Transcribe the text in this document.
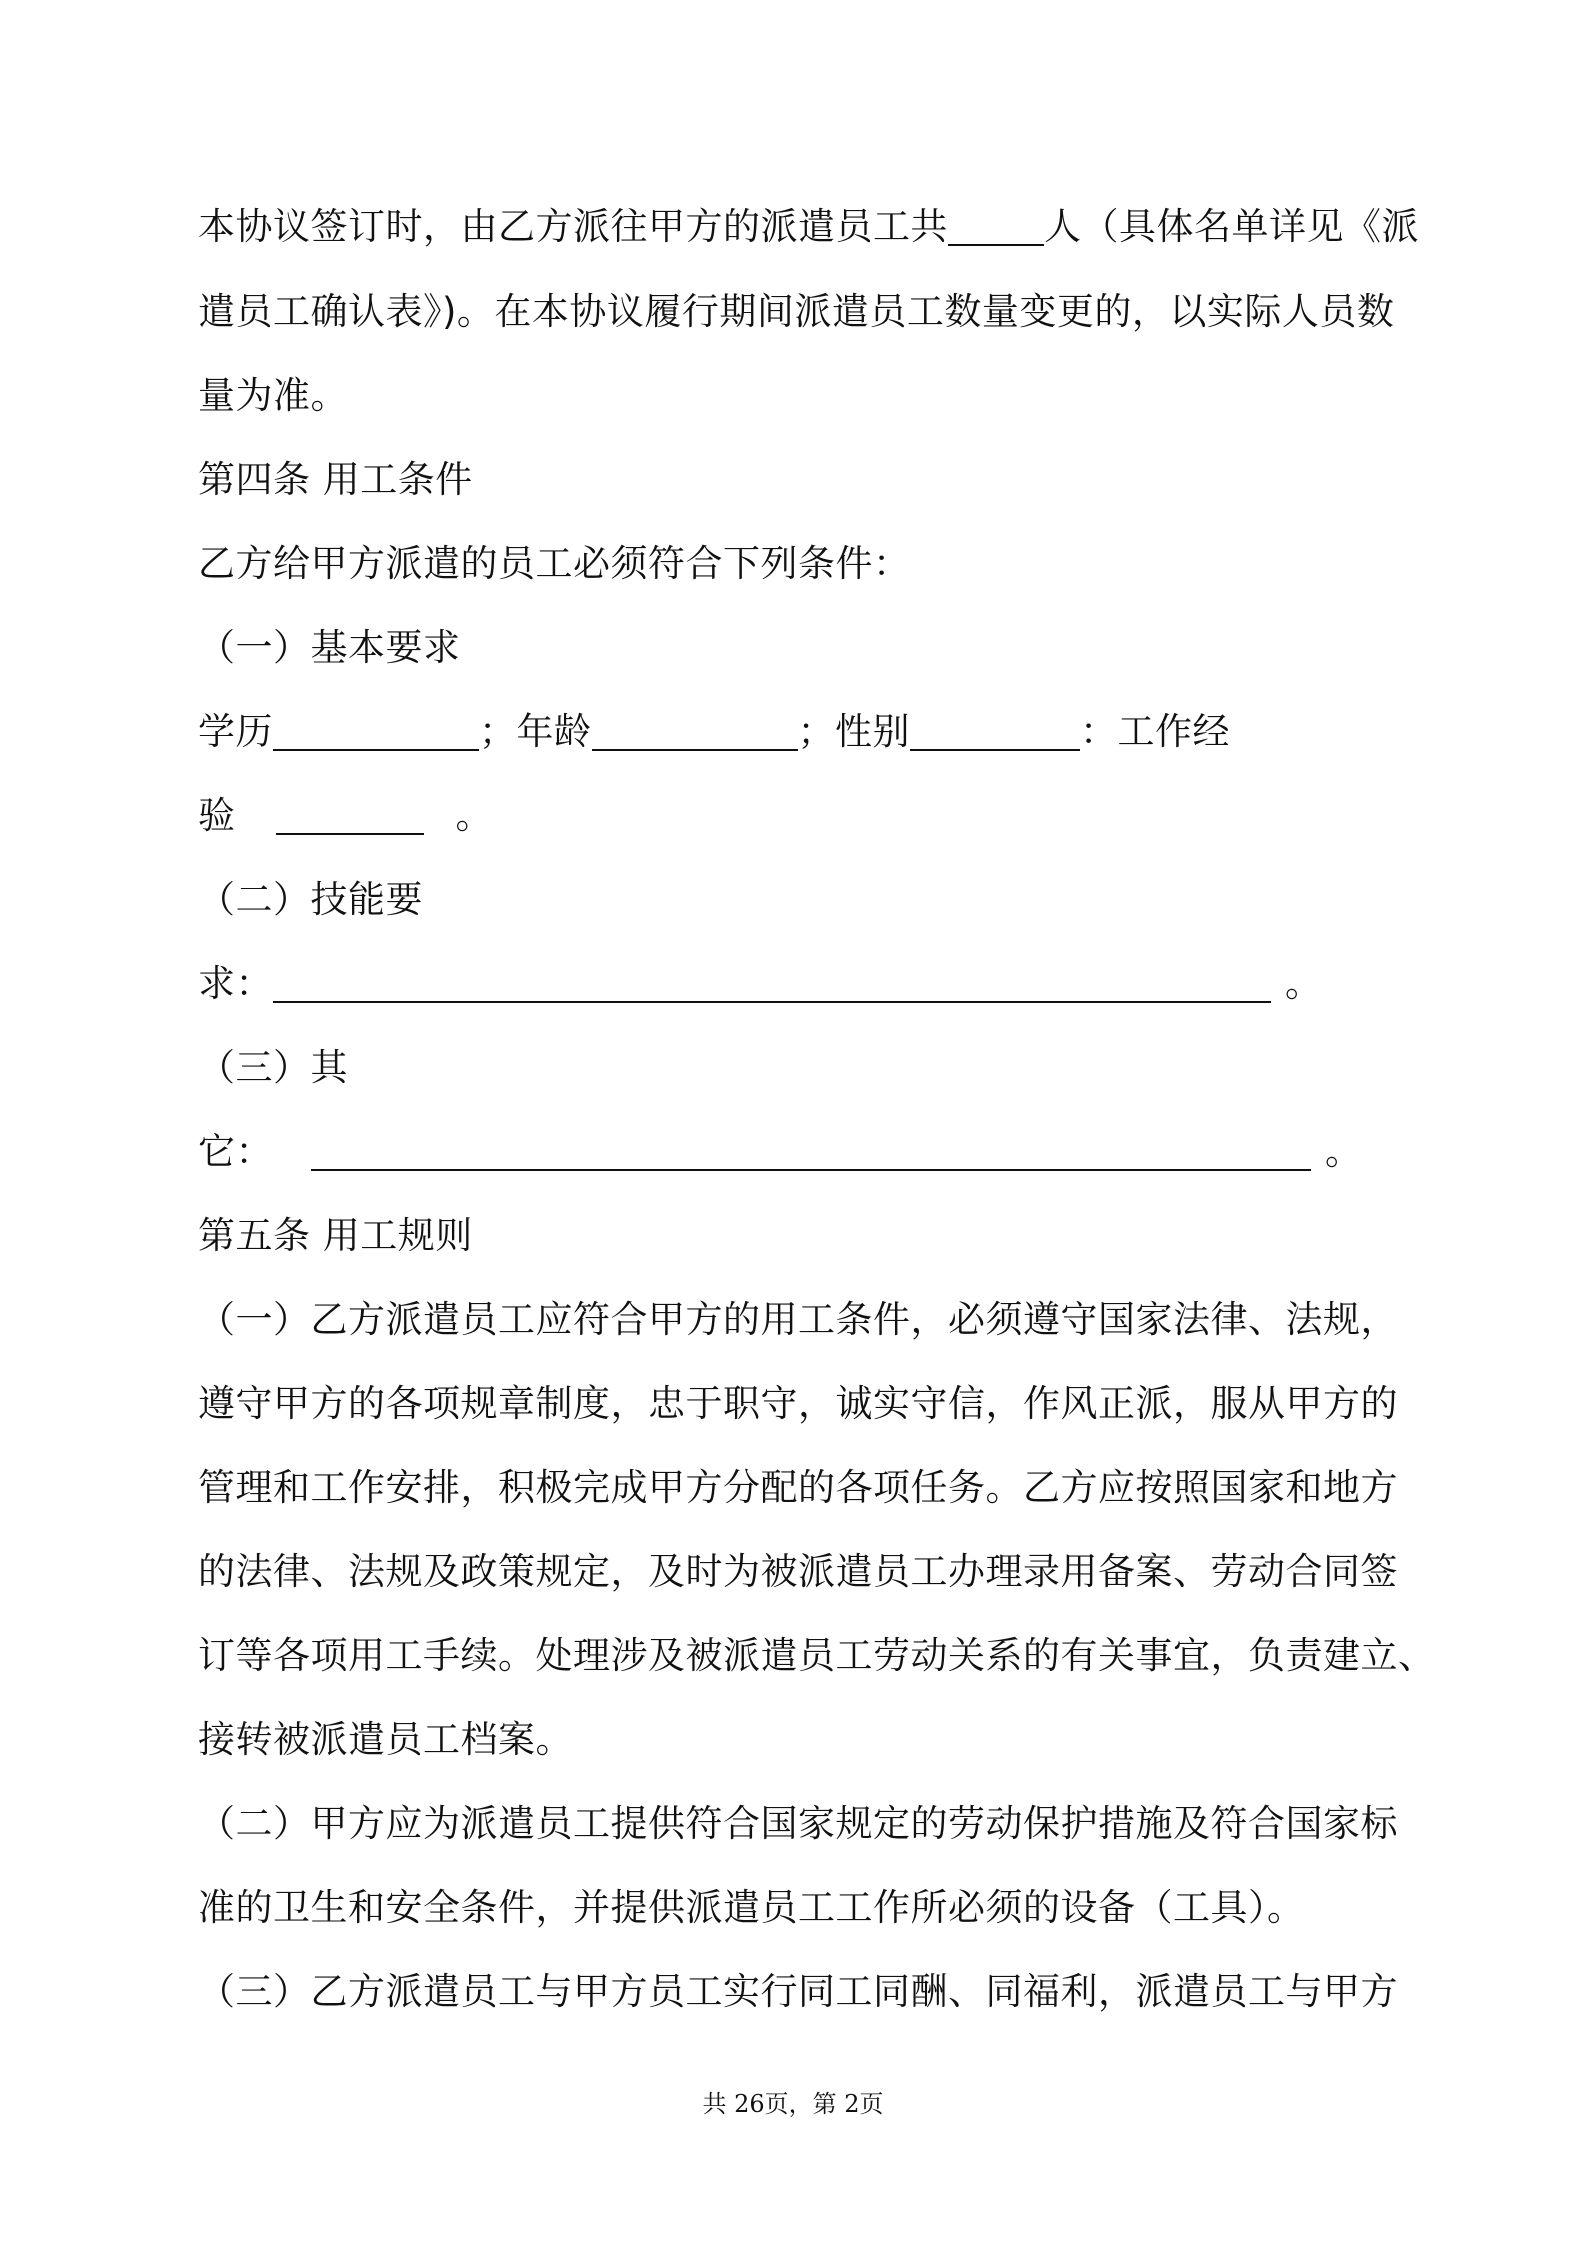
本协议签订时，由乙方派往甲方的派遣员工共	人（具体名单详见《派
遣员工确认表》)。在本协议履行期间派遣员工数量变更的，以实际人员数
量为准。
第四条 用工条件
乙方给甲方派遣的员工必须符合下列条件：
（一）基本要求
学历	；年龄	；性别	：工作经
验	。
（二）技能要
求：	。
（三）其
它：	。
第五条 用工规则
（一）乙方派遣员工应符合甲方的用工条件，必须遵守国家法律、法规，
遵守甲方的各项规章制度，忠于职守，诚实守信，作风正派，服从甲方的
管理和工作安排，积极完成甲方分配的各项任务。乙方应按照国家和地方
的法律、法规及政策规定，及时为被派遣员工办理录用备案、劳动合同签
订等各项用工手续。处理涉及被派遣员工劳动关系的有关事宜，负责建立、
接转被派遣员工档案。
（二）甲方应为派遣员工提供符合国家规定的劳动保护措施及符合国家标
准的卫生和安全条件，并提供派遣员工工作所必须的设备（工具）。
（三）乙方派遣员工与甲方员工实行同工同酬、同福利，派遣员工与甲方
共 26页，第 2页
